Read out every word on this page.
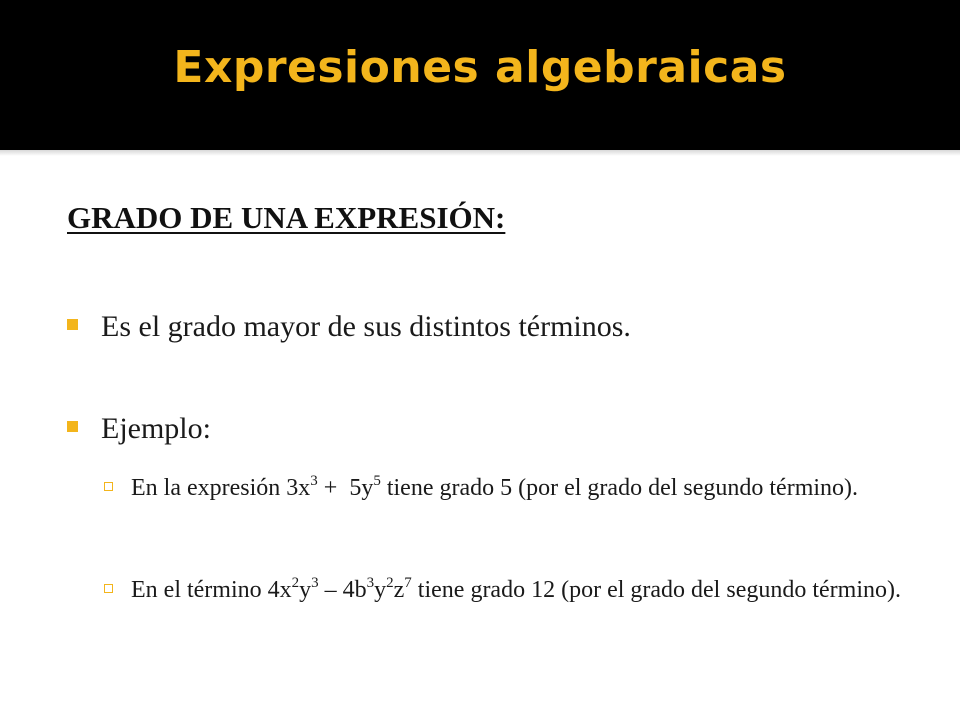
Expresiones algebraicas
GRADO DE UNA EXPRESIÓN:
Es el grado mayor de sus distintos términos.
Ejemplo:
En la expresión $3x^3 + 5y^5$ tiene grado 5 (por el grado del segundo término).
En el término $4x^2y^3 - 4b^3y^2z^7$ tiene grado 12 (por el grado del segundo término).
